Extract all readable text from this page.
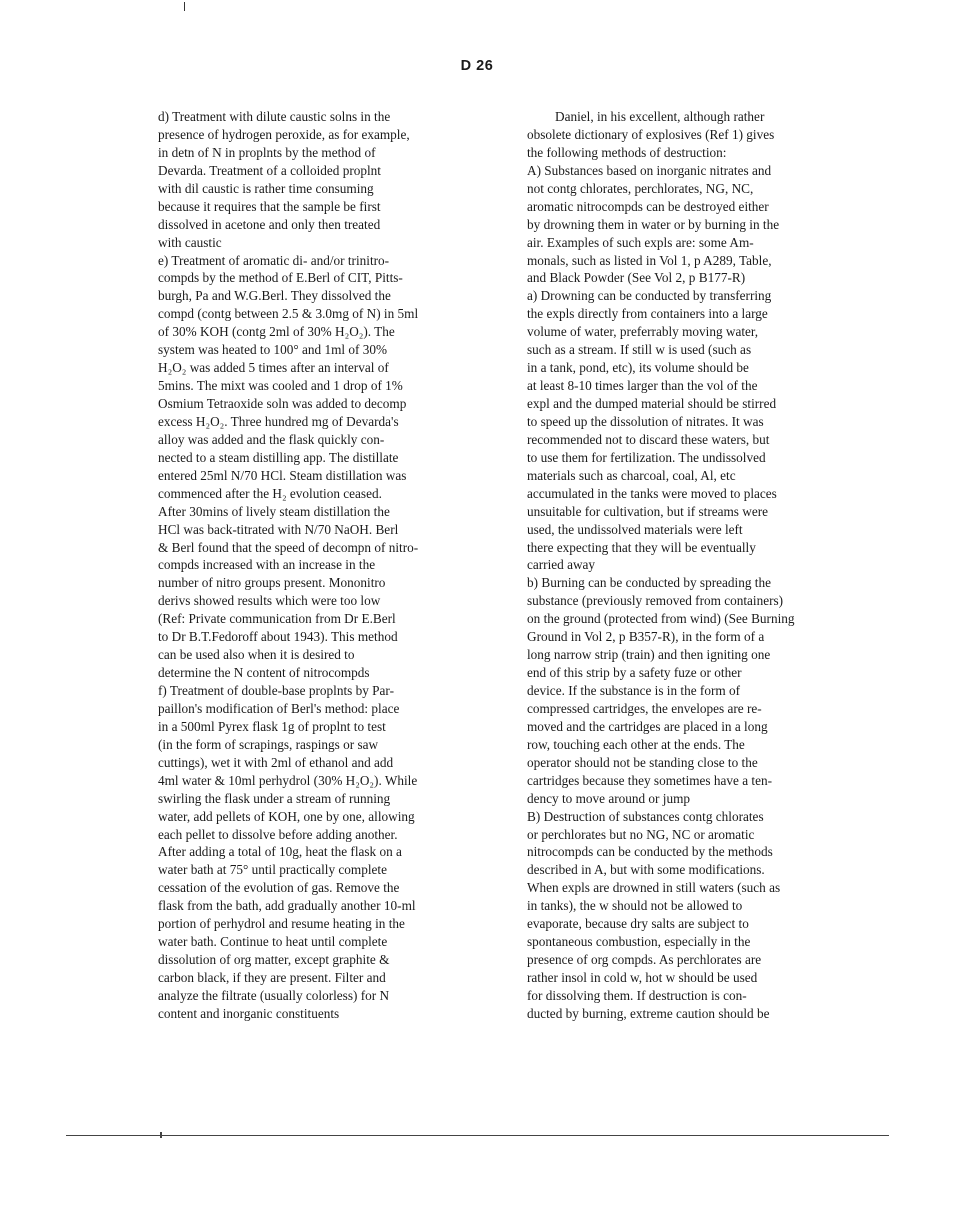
D 26
d) Treatment with dilute caustic solns in the
presence of hydrogen peroxide, as for example,
in detn of N in proplnts by the method of
Devarda. Treatment of a colloided proplnt
with dil caustic is rather time consuming
because it requires that the sample be first
dissolved in acetone and only then treated
with caustic
e) Treatment of aromatic di- and/or trinitro-
compds by the method of E.Berl of CIT, Pitts-
burgh, Pa and W.G.Berl. They dissolved the
compd (contg between 2.5 & 3.0mg of N) in 5ml
of 30% KOH (contg 2ml of 30% H₂O₂). The
system was heated to 100° and 1ml of 30%
H₂O₂ was added 5 times after an interval of
5mins. The mixt was cooled and 1 drop of 1%
Osmium Tetraoxide soln was added to decomp
excess H₂O₂. Three hundred mg of Devarda's
alloy was added and the flask quickly con-
nected to a steam distilling app. The distillate
entered 25ml N/70 HCl. Steam distillation was
commenced after the H₂ evolution ceased.
After 30mins of lively steam distillation the
HCl was back-titrated with N/70 NaOH. Berl
& Berl found that the speed of decompn of nitro-
compds increased with an increase in the
number of nitro groups present. Mononitro
derivs showed results which were too low
(Ref: Private communication from Dr E.Berl
to Dr B.T.Fedoroff about 1943). This method
can be used also when it is desired to
determine the N content of nitrocompds
f) Treatment of double-base proplnts by Par-
paillon's modification of Berl's method: place
in a 500ml Pyrex flask 1g of proplnt to test
(in the form of scrapings, raspings or saw
cuttings), wet it with 2ml of ethanol and add
4ml water & 10ml perhydrol (30% H₂O₂). While
swirling the flask under a stream of running
water, add pellets of KOH, one by one, allowing
each pellet to dissolve before adding another.
After adding a total of 10g, heat the flask on a
water bath at 75° until practically complete
cessation of the evolution of gas. Remove the
flask from the bath, add gradually another 10-ml
portion of perhydrol and resume heating in the
water bath. Continue to heat until complete
dissolution of org matter, except graphite &
carbon black, if they are present. Filter and
analyze the filtrate (usually colorless) for N
content and inorganic constituents
Daniel, in his excellent, although rather
obsolete dictionary of explosives (Ref 1) gives
the following methods of destruction:
A) Substances based on inorganic nitrates and
not contg chlorates, perchlorates, NG, NC,
aromatic nitrocompds can be destroyed either
by drowning them in water or by burning in the
air. Examples of such expls are: some Am-
monals, such as listed in Vol 1, p A289, Table,
and Black Powder (See Vol 2, p B177-R)
a) Drowning can be conducted by transferring
the expls directly from containers into a large
volume of water, preferrably moving water,
such as a stream. If still w is used (such as
in a tank, pond, etc), its volume should be
at least 8-10 times larger than the vol of the
expl and the dumped material should be stirred
to speed up the dissolution of nitrates. It was
recommended not to discard these waters, but
to use them for fertilization. The undissolved
materials such as charcoal, coal, Al, etc
accumulated in the tanks were moved to places
unsuitable for cultivation, but if streams were
used, the undissolved materials were left
there expecting that they will be eventually
carried away
b) Burning can be conducted by spreading the
substance (previously removed from containers)
on the ground (protected from wind) (See Burning
Ground in Vol 2, p B357-R), in the form of a
long narrow strip (train) and then igniting one
end of this strip by a safety fuze or other
device. If the substance is in the form of
compressed cartridges, the envelopes are re-
moved and the cartridges are placed in a long
row, touching each other at the ends. The
operator should not be standing close to the
cartridges because they sometimes have a ten-
dency to move around or jump
B) Destruction of substances contg chlorates
or perchlorates but no NG, NC or aromatic
nitrocompds can be conducted by the methods
described in A, but with some modifications.
When expls are drowned in still waters (such as
in tanks), the w should not be allowed to
evaporate, because dry salts are subject to
spontaneous combustion, especially in the
presence of org compds. As perchlorates are
rather insol in cold w, hot w should be used
for dissolving them. If destruction is con-
ducted by burning, extreme caution should be
